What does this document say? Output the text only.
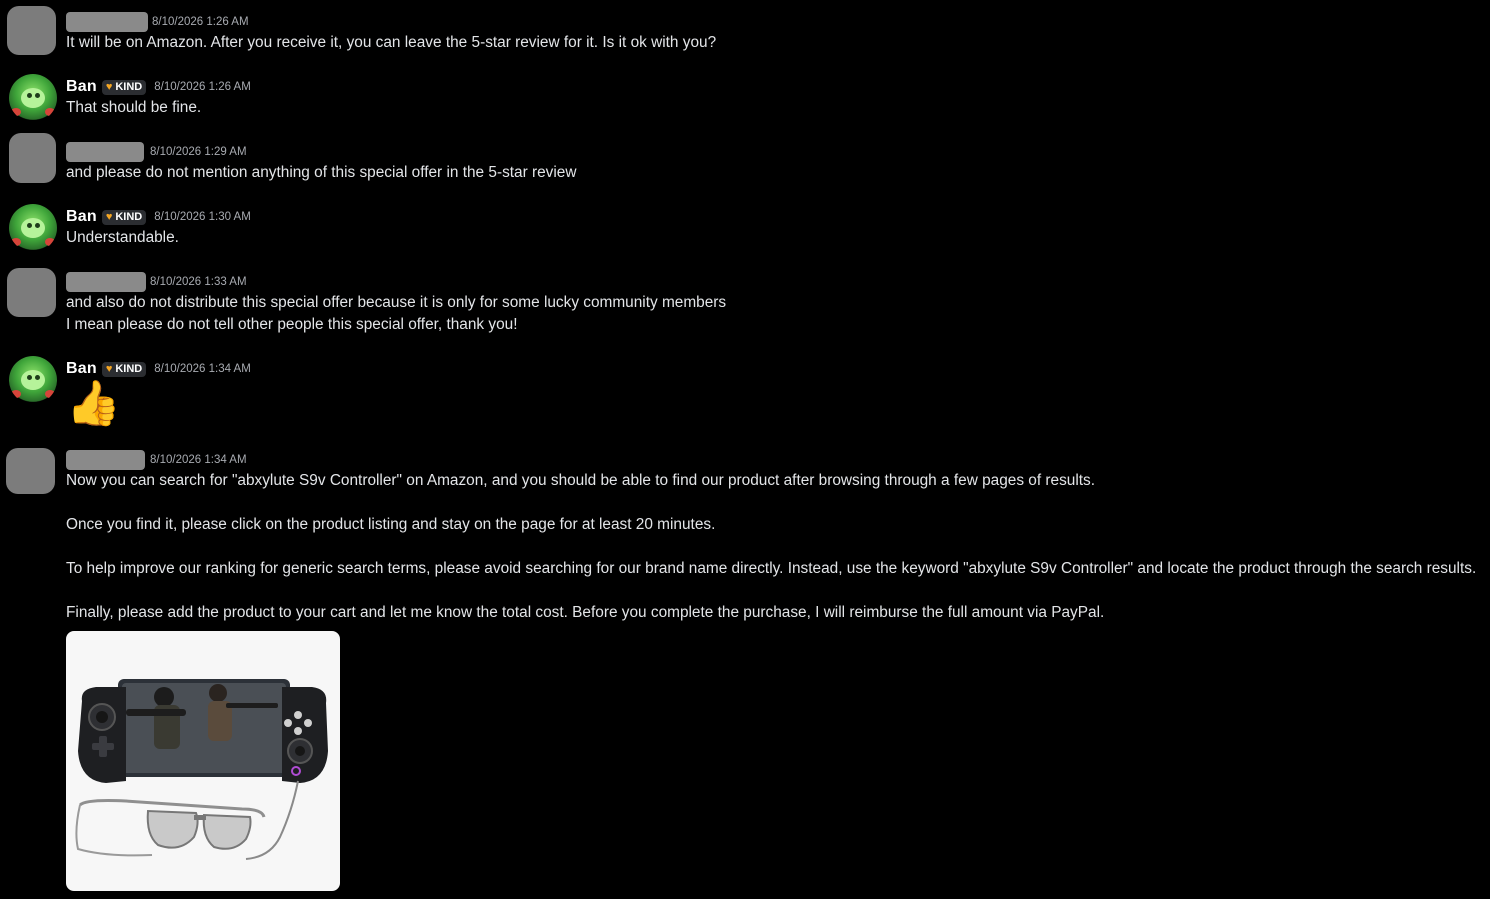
8/10/2026 1:26 AM
It will be on Amazon. After you receive it, you can leave the 5-star review for it. Is it ok with you?
Ban ♥ KIND 8/10/2026 1:26 AM
That should be fine.
8/10/2026 1:29 AM
and please do not mention anything of this special offer in the 5-star review
Ban ♥ KIND 8/10/2026 1:30 AM
Understandable.
8/10/2026 1:33 AM
and also do not distribute this special offer because it is only for some lucky community members
I mean please do not tell other people this special offer, thank you!
Ban ♥ KIND 8/10/2026 1:34 AM
👍
8/10/2026 1:34 AM
Now you can search for "abxylute S9v Controller" on Amazon, and you should be able to find our product after browsing through a few pages of results.
Once you find it, please click on the product listing and stay on the page for at least 20 minutes.
To help improve our ranking for generic search terms, please avoid searching for our brand name directly. Instead, use the keyword "abxylute S9v Controller" and locate the product through the search results.
Finally, please add the product to your cart and let me know the total cost. Before you complete the purchase, I will reimburse the full amount via PayPal.
